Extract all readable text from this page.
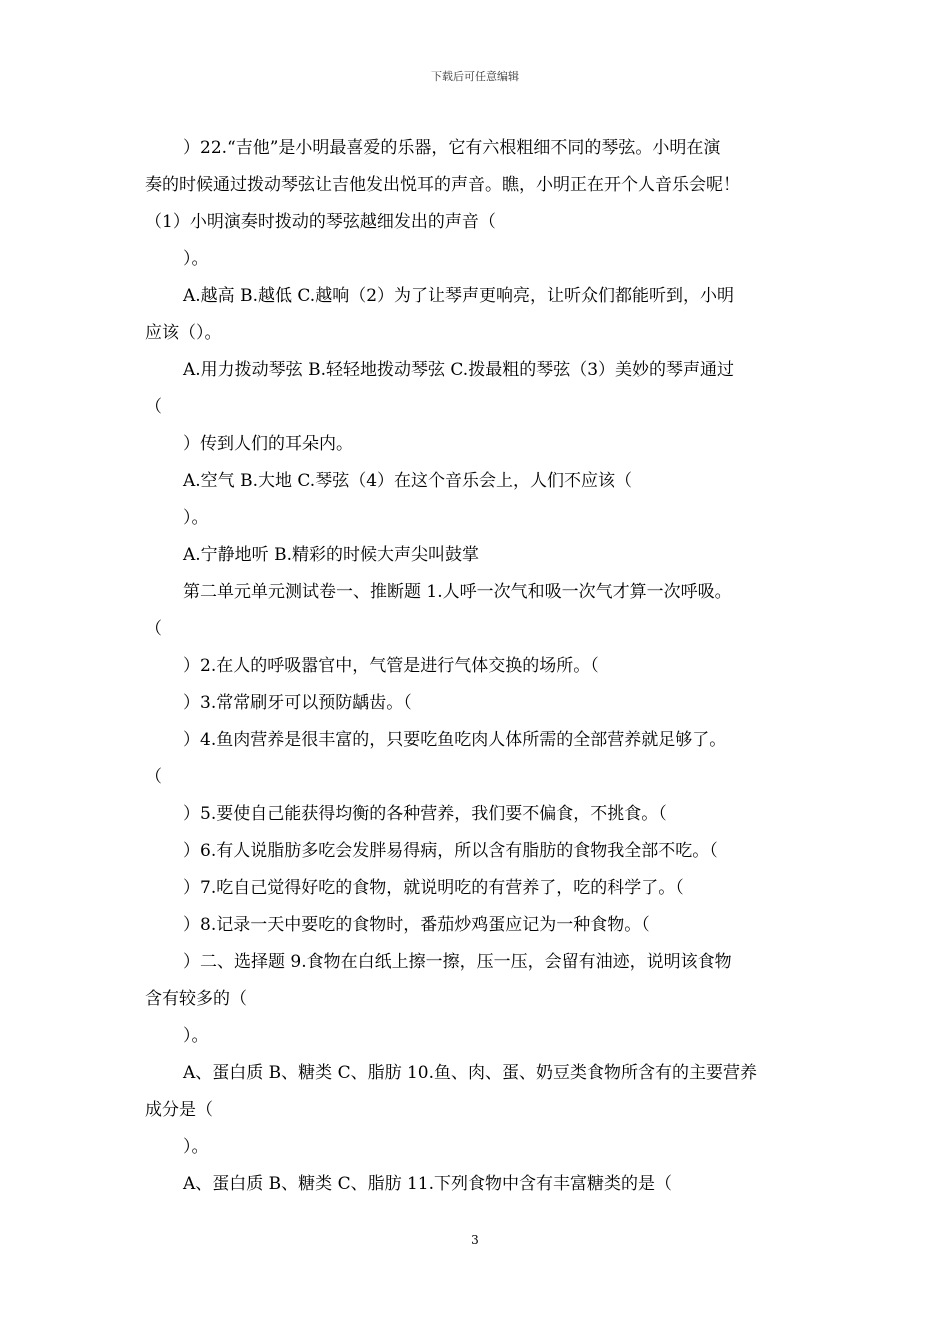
下载后可任意编辑
）22.“吉他”是小明最喜爱的乐器，它有六根粗细不同的琴弦。小明在演
奏的时候通过拨动琴弦让吉他发出悦耳的声音。瞧，小明正在开个人音乐会呢！
（1）小明演奏时拨动的琴弦越细发出的声音（
）。
A.越高 B.越低 C.越响（2）为了让琴声更响亮，让听众们都能听到，小明
应该（）。
A.用力拨动琴弦 B.轻轻地拨动琴弦 C.拨最粗的琴弦（3）美妙的琴声通过
（
）传到人们的耳朵内。
A.空气 B.大地 C.琴弦（4）在这个音乐会上，人们不应该（
）。
A.宁静地听 B.精彩的时候大声尖叫鼓掌
第二单元单元测试卷一、推断题 1.人呼一次气和吸一次气才算一次呼吸。
（
）2.在人的呼吸嚣官中，气管是进行气体交换的场所。（
）3.常常刷牙可以预防龋齿。（
）4.鱼肉营养是很丰富的，只要吃鱼吃肉人体所需的全部营养就足够了。
（
）5.要使自己能获得均衡的各种营养，我们要不偏食，不挑食。（
）6.有人说脂肪多吃会发胖易得病，所以含有脂肪的食物我全部不吃。（
）7.吃自己觉得好吃的食物，就说明吃的有营养了，吃的科学了。（
）8.记录一天中要吃的食物时，番茄炒鸡蛋应记为一种食物。（
）二、选择题 9.食物在白纸上擦一擦，压一压，会留有油迹，说明该食物
含有较多的（
）。
A、蛋白质 B、糖类 C、脂肪 10.鱼、肉、蛋、奶豆类食物所含有的主要营养
成分是（
）。
A、蛋白质 B、糖类 C、脂肪 11.下列食物中含有丰富糖类的是（
3
